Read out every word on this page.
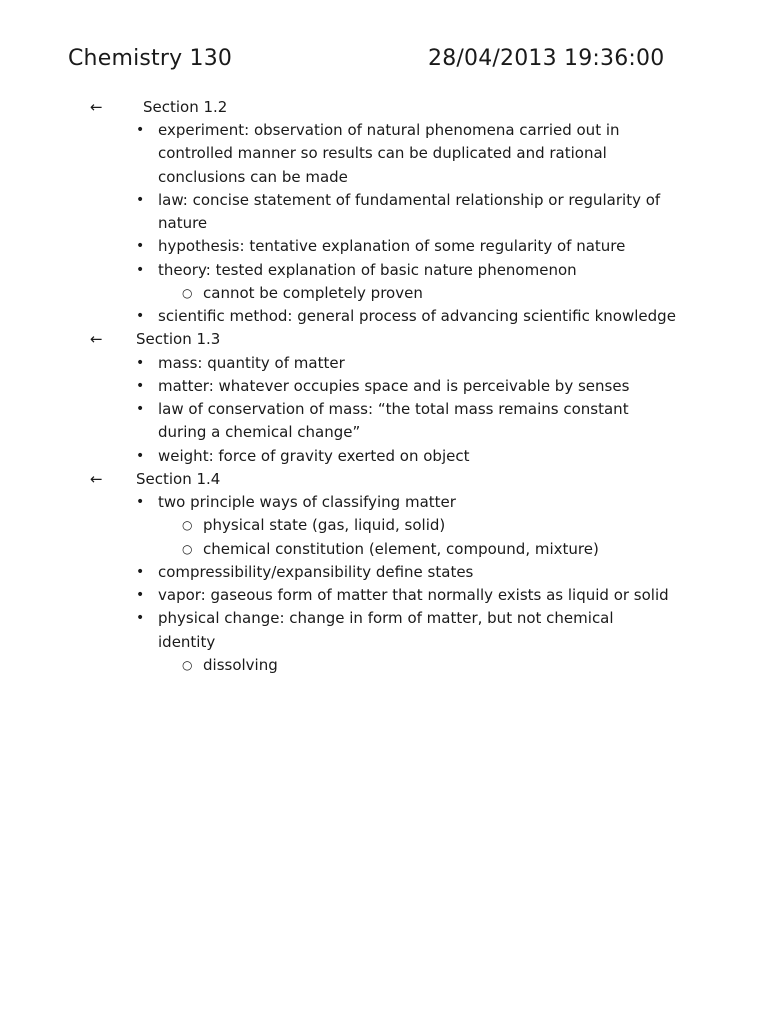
Chemistry 130	28/04/2013 19:36:00
←	Section 1.2
• experiment: observation of natural phenomena carried out in
controlled manner so results can be duplicated and rational
conclusions can be made
• law: concise statement of fundamental relationship or regularity of
nature
• hypothesis: tentative explanation of some regularity of nature
• theory: tested explanation of basic nature phenomenon
○ cannot be completely proven
• scientific method: general process of advancing scientific knowledge
← Section 1.3
• mass: quantity of matter
• matter: whatever occupies space and is perceivable by senses
• law of conservation of mass: “the total mass remains constant
during a chemical change”
• weight: force of gravity exerted on object
← Section 1.4
• two principle ways of classifying matter
○ physical state (gas, liquid, solid)
○ chemical constitution (element, compound, mixture)
• compressibility/expansibility define states
• vapor: gaseous form of matter that normally exists as liquid or solid
• physical change: change in form of matter, but not chemical
identity
○ dissolving
